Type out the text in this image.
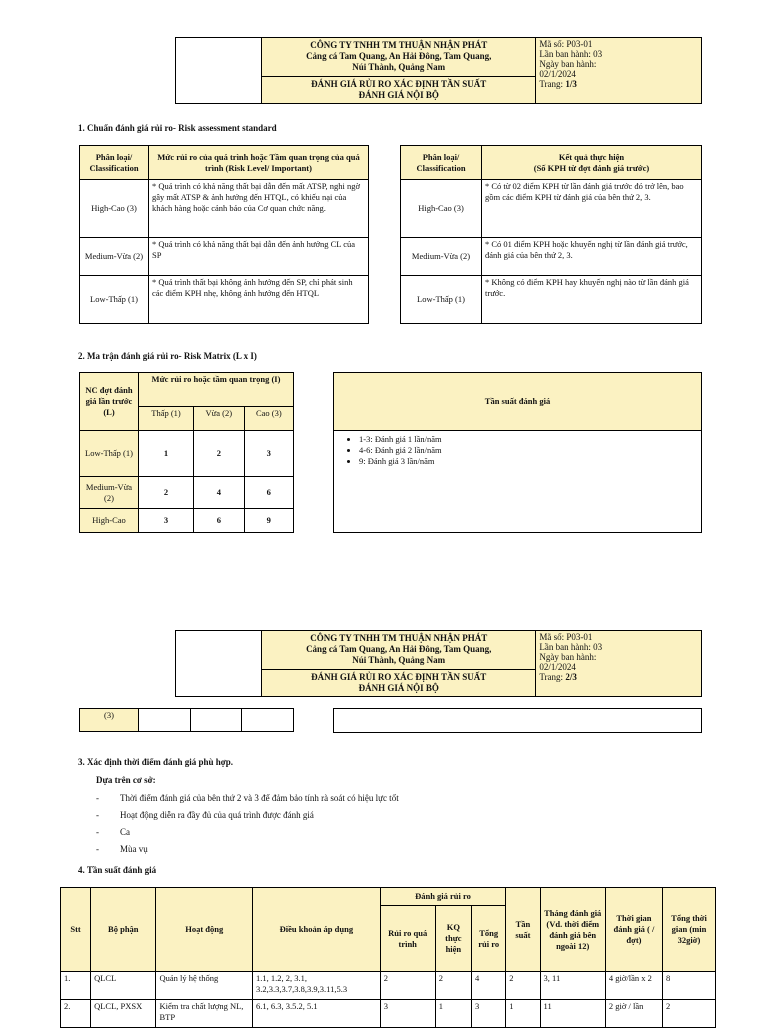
CÔNG TY TNHH TM THUẬN NHẬN PHÁT
Cảng cá Tam Quang, An Hải Đông, Tam Quang,
Núi Thành, Quảng Nam

Mã số: P03-01
Lần ban hành: 03
Ngày ban hành:
02/1/2024
Trang: 1/3

ĐÁNH GIÁ RỦI RO XÁC ĐỊNH TẦN SUẤT
ĐÁNH GIÁ NỘI BỘ
1. Chuẩn đánh giá rủi ro- Risk assessment standard
Phân loại/ Classification	Mức rủi ro của quá trình hoặc Tầm quan trọng của quá trình (Risk Level/ Important)
High-Cao (3)	* Quá trình có khả năng thất bại dẫn đến mất ATSP, nghi ngờ gây mất ATSP & ảnh hưởng đến HTQL, có khiếu nại của khách hàng hoặc cảnh báo của Cơ quan chức năng.
Medium-Vừa (2)	* Quá trình có khả năng thất bại dẫn đến ảnh hưởng CL của SP
Low-Thấp (1)	* Quá trình thất bại không ảnh hưởng đến SP, chỉ phát sinh các điểm KPH nhẹ, không ảnh hưởng đến HTQL
Phân loại/ Classification	Kết quả thực hiện
(Số KPH từ đợt đánh giá trước)

High-Cao (3)	* Có từ 02 điểm KPH từ lần đánh giá trước đó trở lên, bao gồm các điểm KPH từ đánh giá của bên thứ 2, 3.
Medium-Vừa (2)	* Có 01 điểm KPH hoặc khuyến nghị từ lần đánh giá trước, đánh giá của bên thứ 2, 3.
Low-Thấp (1)	* Không có điểm KPH hay khuyến nghị nào từ lần đánh giá trước.
2. Ma trận đánh giá rủi ro- Risk Matrix (L x I)
NC đợt đánh giá lần trước (L)	Mức rủi ro hoặc tầm quan trọng (I)		
	Thấp (1)	Vừa (2)	Cao (3)
Low-Thấp (1)	1	2	3
Medium-Vừa (2)	2	4	6
High-Cao	3	6	9
Tần suất đánh giá

• 1-3: Đánh giá 1 lần/năm
• 4-6: Đánh giá 2 lần/năm
• 9: Đánh giá 3 lần/năm

CÔNG TY TNHH TM THUẬN NHẬN PHÁT
Cảng cá Tam Quang, An Hải Đông, Tam Quang,
Núi Thành, Quảng Nam

Mã số: P03-01
Lần ban hành: 03
Ngày ban hành:
02/1/2024
Trang: 2/3

ĐÁNH GIÁ RỦI RO XÁC ĐỊNH TẦN SUẤT
ĐÁNH GIÁ NỘI BỘ
(3)			
3. Xác định thời điểm đánh giá phù hợp.
Dựa trên cơ sở:
- Thời điểm đánh giá của bên thứ 2 và 3 để đảm bảo tính rà soát có hiệu lực tốt
- Hoạt động diễn ra đầy đủ của quá trình được đánh giá
- Ca
- Mùa vụ
4. Tần suất đánh giá
Stt	Bộ phận	Hoạt động	Điều khoản áp dụng	Đánh giá rủi ro			Tần suất	Tháng đánh giá (Vd. thời điểm đánh giá bên ngoài 12)	Thời gian đánh giá ( / đợt)	Tổng thời gian (min 32giờ)
				Rủi ro quá trình	KQ thực hiện	Tổng rủi ro				
1.	QLCL	Quản lý hệ thống	1.1, 1.2, 2, 3.1, 3.2,3.3,3.7,3.8,3.9,3.11,5.3	2	2	4	2	3, 11	4 giờ/lần x 2	8
2.	QLCL, PXSX	Kiểm tra chất lượng NL, BTP	6.1, 6.3, 3.5.2, 5.1	3	1	3	1	11	2 giờ / lần	2
